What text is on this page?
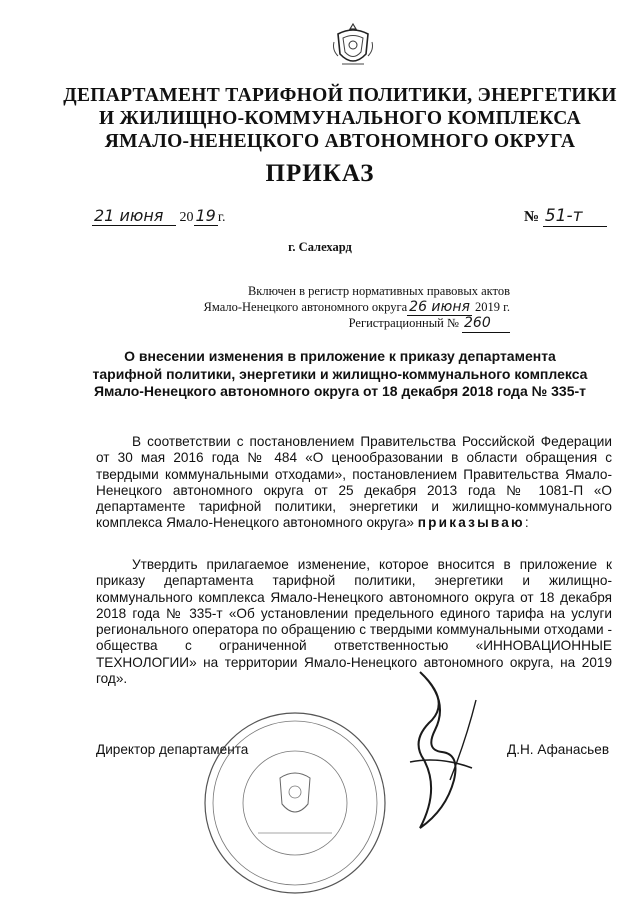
ДЕПАРТАМЕНТ ТАРИФНОЙ ПОЛИТИКИ, ЭНЕРГЕТИКИ
И ЖИЛИЩНО-КОММУНАЛЬНОГО КОМПЛЕКСА
ЯМАЛО-НЕНЕЦКОГО АВТОНОМНОГО ОКРУГА
ПРИКАЗ
21 июня 20 19 г.	№ 51-т
г. Салехард
Включен в регистр нормативных правовых актов
Ямало-Ненецкого автономного округа 26 июня 2019 г.
Регистрационный № 260
О внесении изменения в приложение к приказу департамента тарифной политики, энергетики и жилищно-коммунального комплекса Ямало-Ненецкого автономного округа от 18 декабря 2018 года № 335-т

В соответствии с постановлением Правительства Российской Федерации от 30 мая 2016 года № 484 «О ценообразовании в области обращения с твердыми коммунальными отходами», постановлением Правительства Ямало-Ненецкого автономного округа от 25 декабря 2013 года № 1081-П «О департаменте тарифной политики, энергетики и жилищно-коммунального комплекса Ямало-Ненецкого автономного округа» приказываю:

Утвердить прилагаемое изменение, которое вносится в приложение к приказу департамента тарифной политики, энергетики и жилищно-коммунального комплекса Ямало-Ненецкого автономного округа от 18 декабря 2018 года № 335-т «Об установлении предельного единого тарифа на услуги регионального оператора по обращению с твердыми коммунальными отходами - общества с ограниченной ответственностью «ИННОВАЦИОННЫЕ ТЕХНОЛОГИИ» на территории Ямало-Ненецкого автономного округа, на 2019 год».

Директор департамента	Д.Н. Афанасьев
